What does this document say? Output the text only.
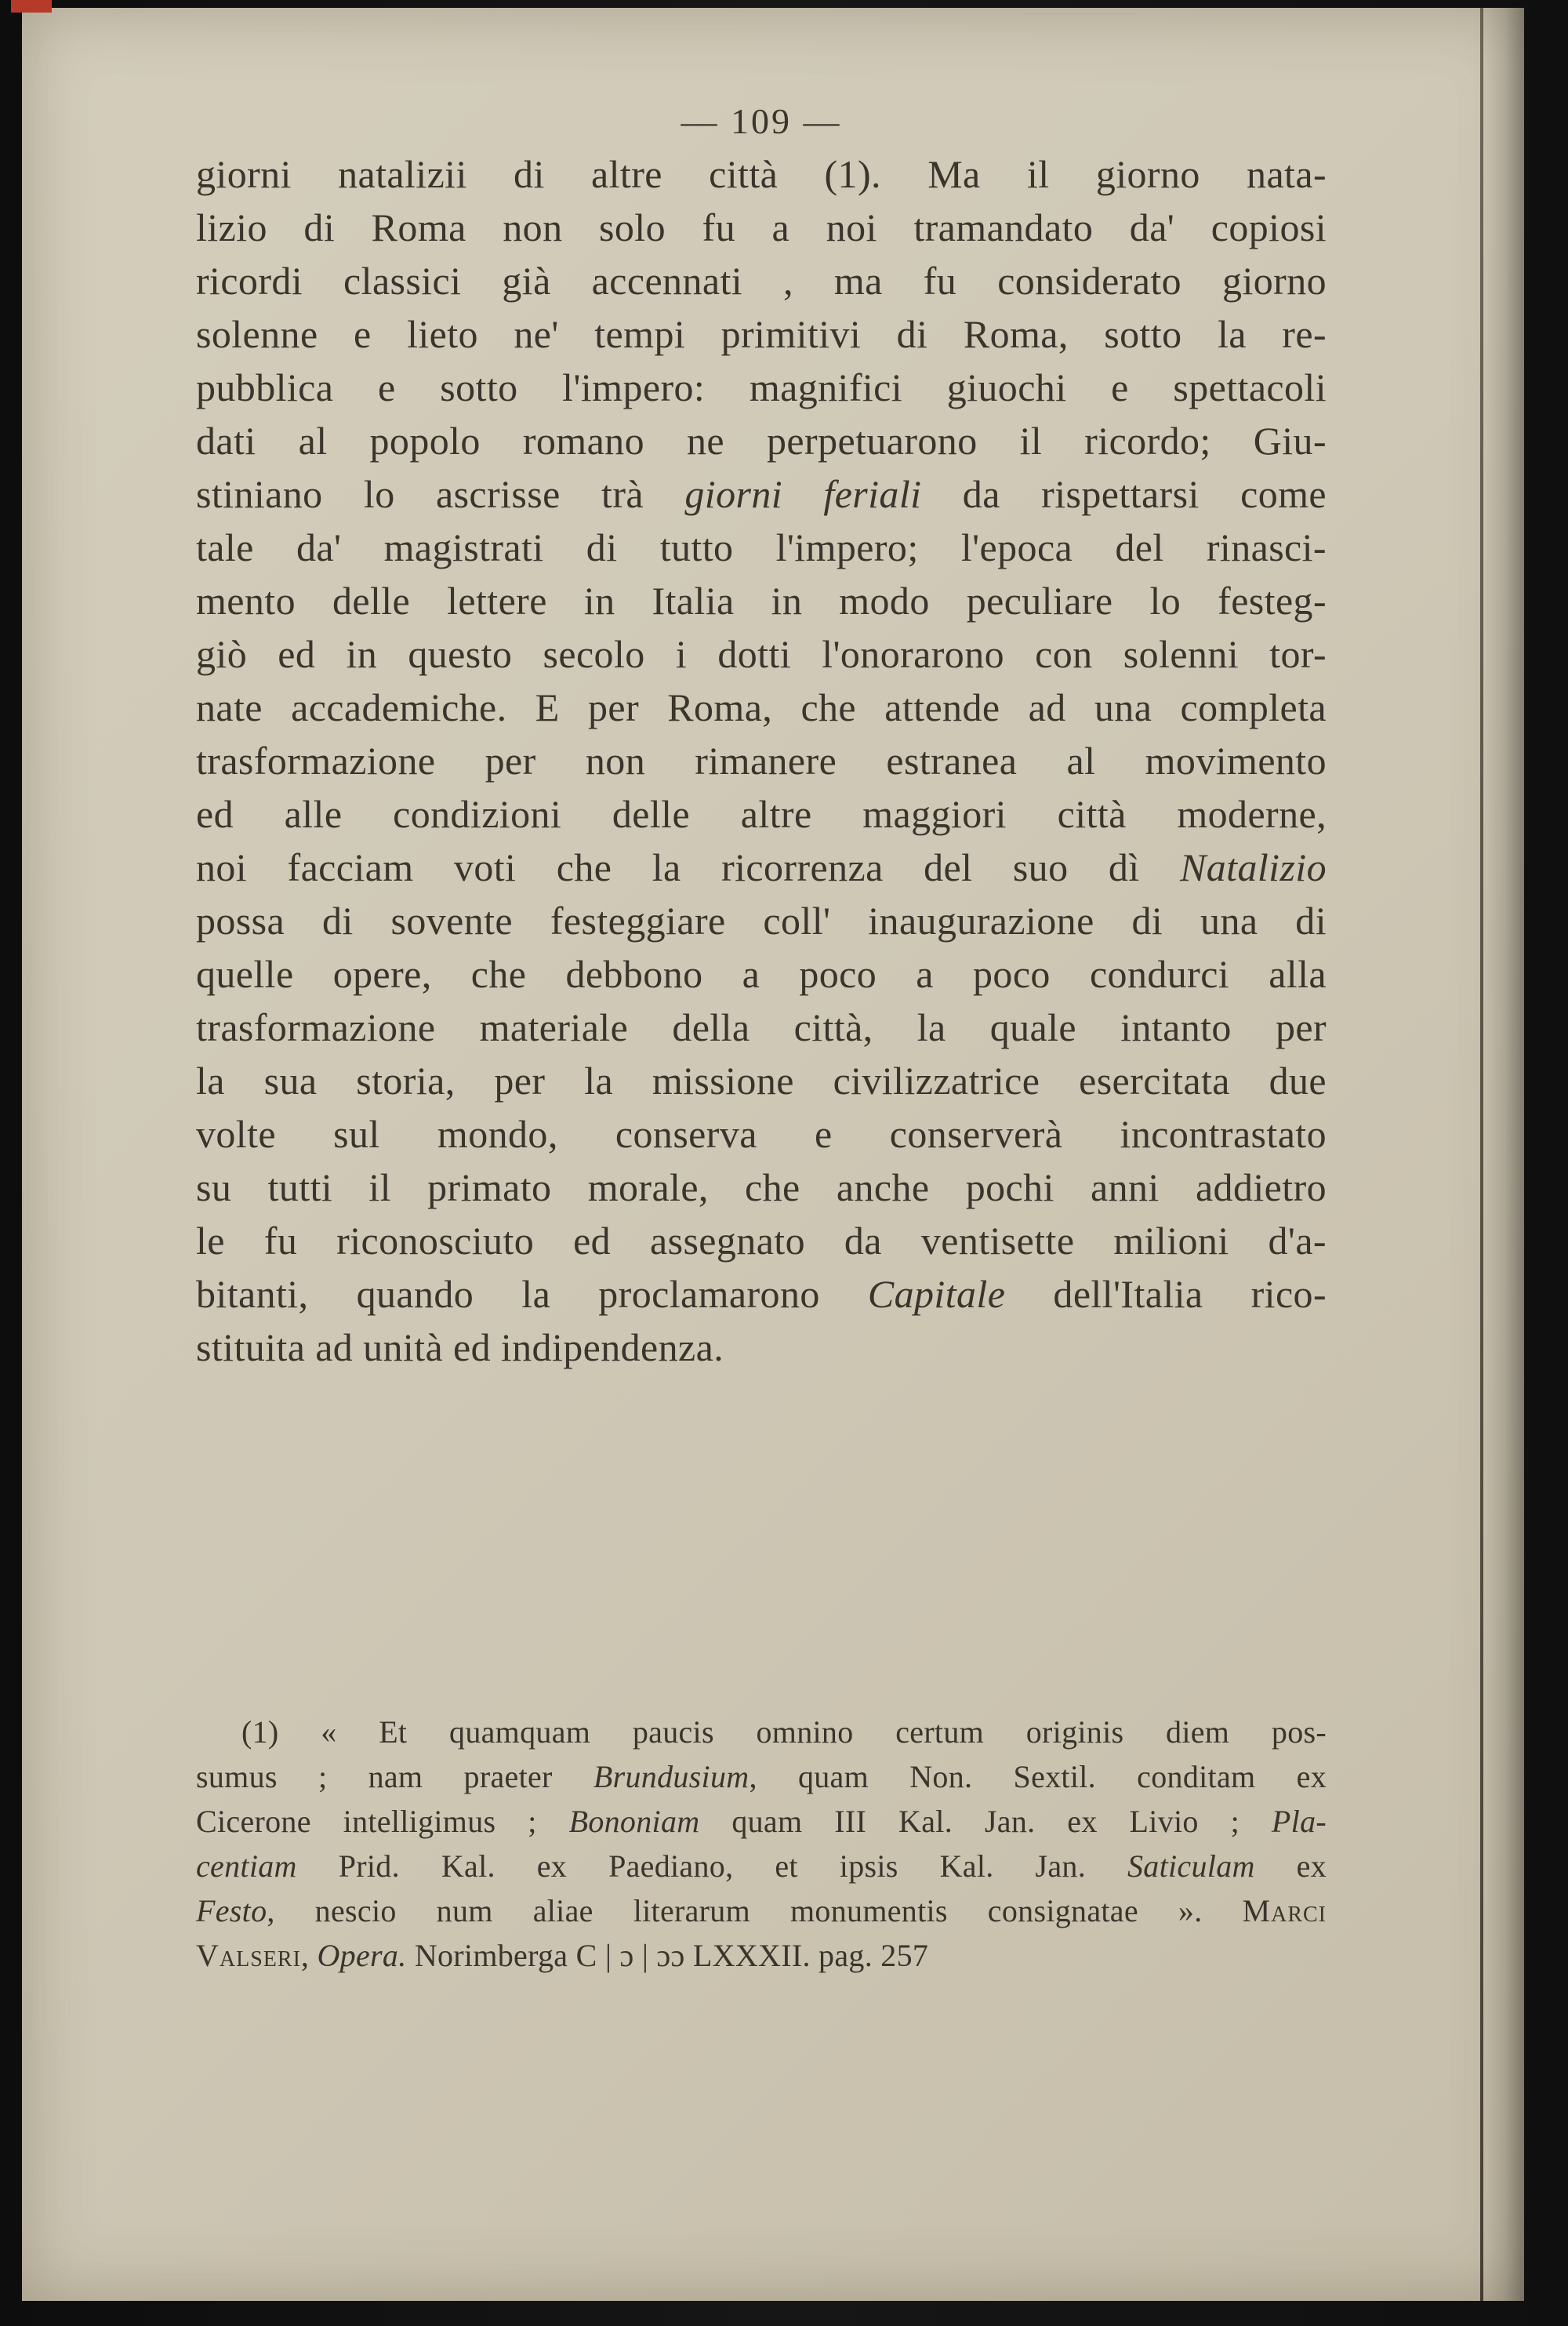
— 109 —
giorni natalizii di altre città (1). Ma il giorno nata-
lizio di Roma non solo fu a noi tramandato da' copiosi
ricordi classici già accennati , ma fu considerato giorno
solenne e lieto ne' tempi primitivi di Roma, sotto la re-
pubblica e sotto l'impero: magnifici giuochi e spettacoli
dati al popolo romano ne perpetuarono il ricordo; Giu-
stiniano lo ascrisse trà giorni feriali da rispettarsi come
tale da' magistrati di tutto l'impero; l'epoca del rinasci-
mento delle lettere in Italia in modo peculiare lo festeg-
giò ed in questo secolo i dotti l'onorarono con solenni tor-
nate accademiche. E per Roma, che attende ad una completa
trasformazione per non rimanere estranea al movimento
ed alle condizioni delle altre maggiori città moderne,
noi facciam voti che la ricorrenza del suo dì Natalizio
possa di sovente festeggiare coll' inaugurazione di una di
quelle opere, che debbono a poco a poco condurci alla
trasformazione materiale della città, la quale intanto per
la sua storia, per la missione civilizzatrice esercitata due
volte sul mondo, conserva e conserverà incontrastato
su tutti il primato morale, che anche pochi anni addietro
le fu riconosciuto ed assegnato da ventisette milioni d'a-
bitanti, quando la proclamarono Capitale dell'Italia rico-
stituita ad unità ed indipendenza.
(1) « Et quamquam paucis omnino certum originis diem pos-
sumus ; nam praeter Brundusium, quam Non. Sextil. conditam ex
Cicerone intelligimus ; Bononiam quam III Kal. Jan. ex Livio ; Pla-
centiam Prid. Kal. ex Paediano, et ipsis Kal. Jan. Saticulam ex
Festo, nescio num aliae literarum monumentis consignatae ». Marci
Valseri, Opera. Norimberga C | ɔ | ɔɔ LXXXII. pag. 257
